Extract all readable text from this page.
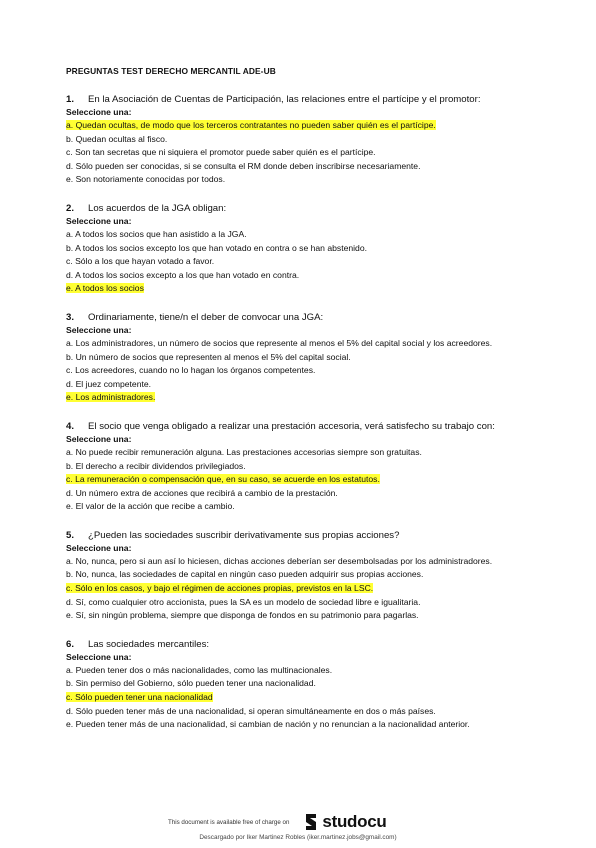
PREGUNTAS TEST DERECHO MERCANTIL ADE-UB
1.	En la Asociación de Cuentas de Participación, las relaciones entre el partícipe y el promotor:
Seleccione una:
a. Quedan ocultas, de modo que los terceros contratantes no pueden saber quién es el partícipe.
b. Quedan ocultas al fisco.
c. Son tan secretas que ni siquiera el promotor puede saber quién es el partícipe.
d. Sólo pueden ser conocidas, si se consulta el RM donde deben inscribirse necesariamente.
e. Son notoriamente conocidas por todos.
2.	Los acuerdos de la JGA obligan:
Seleccione una:
a. A todos los socios que han asistido a la JGA.
b. A todos los socios excepto los que han votado en contra o se han abstenido.
c. Sólo a los que hayan votado a favor.
d. A todos los socios excepto a los que han votado en contra.
e. A todos los socios
3.	Ordinariamente, tiene/n el deber de convocar una JGA:
Seleccione una:
a. Los administradores, un número de socios que represente al menos el 5% del capital social y los acreedores.
b. Un número de socios que representen al menos el 5% del capital social.
c. Los acreedores, cuando no lo hagan los órganos competentes.
d. El juez competente.
e. Los administradores.
4.	El socio que venga obligado a realizar una prestación accesoria, verá satisfecho su trabajo con:
Seleccione una:
a. No puede recibir remuneración alguna. Las prestaciones accesorias siempre son gratuitas.
b. El derecho a recibir dividendos privilegiados.
c. La remuneración o compensación que, en su caso, se acuerde en los estatutos.
d. Un número extra de acciones que recibirá a cambio de la prestación.
e. El valor de la acción que recibe a cambio.
5.	¿Pueden las sociedades suscribir derivativamente sus propias acciones?
Seleccione una:
a. No, nunca, pero si aun así lo hiciesen, dichas acciones deberían ser desembolsadas por los administradores.
b. No, nunca, las sociedades de capital en ningún caso pueden adquirir sus propias acciones.
c. Sólo en los casos, y bajo el régimen de acciones propias, previstos en la LSC.
d. Sí, como cualquier otro accionista, pues la SA es un modelo de sociedad libre e igualitaria.
e. Sí, sin ningún problema, siempre que disponga de fondos en su patrimonio para pagarlas.
6.	Las sociedades mercantiles:
Seleccione una:
a. Pueden tener dos o más nacionalidades, como las multinacionales.
b. Sin permiso del Gobierno, sólo pueden tener una nacionalidad.
c. Sólo pueden tener una nacionalidad
d. Sólo pueden tener más de una nacionalidad, si operan simultáneamente en dos o más países.
e. Pueden tener más de una nacionalidad, si cambian de nación y no renuncian a la nacionalidad anterior.
This document is available free of charge on studocu
Descargado por Iker Martinez Robles (iker.martinez.jobs@gmail.com)
